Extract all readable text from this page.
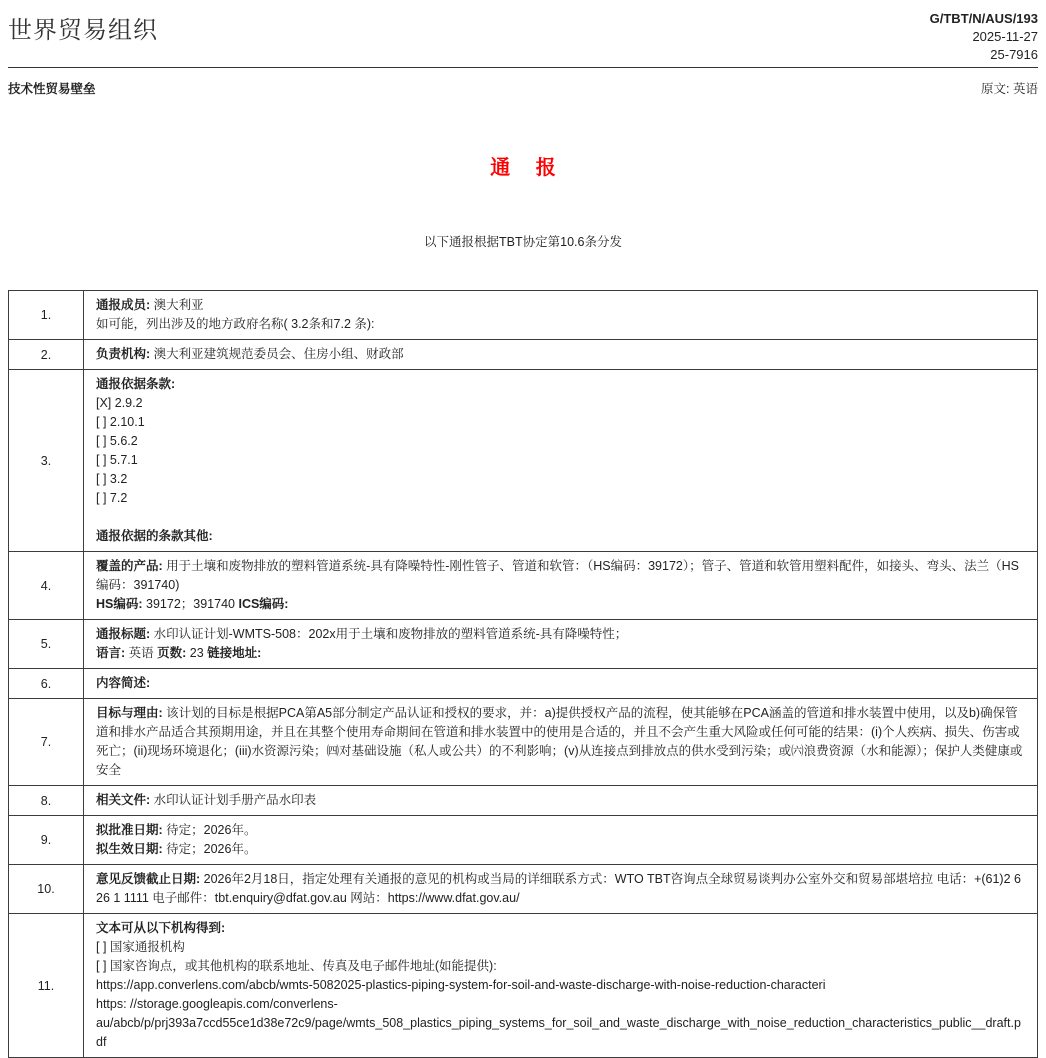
世界贸易组织	G/TBT/N/AUS/193
2025-11-27
25-7916
技术性贸易壁垒	原文: 英语
通 报
以下通报根据TBT协定第10.6条分发
1.	通报成员: 澳大利亚
如可能，列出涉及的地方政府名称( 3.2条和7.2 条):

2.	负责机构: 澳大利亚建筑规范委员会、住房小组、财政部

3.	
通报依据条款:
[X] 2.9.2
[ ] 2.10.1
[ ] 5.6.2
[ ] 5.7.1
[ ] 3.2
[ ] 7.2

通报依据的条款其他:

4.	覆盖的产品: 用于土壤和废物排放的塑料管道系统-具有降噪特性-刚性管子、管道和软管：（HS编码：39172）；管子、管道和软管用塑料配件，如接头、弯头、法兰（HS编码：391740)
HS编码: 39172；391740 ICS编码:

5.	通报标题: 水印认证计划-WMTS-508：202x用于土壤和废物排放的塑料管道系统-具有降噪特性；
语言: 英语 页数: 23 链接地址:

6.	内容简述:

7.	目标与理由: 该计划的目标是根据PCA第A5部分制定产品认证和授权的要求，并：a)提供授权产品的流程，使其能够在PCA涵盖的管道和排水装置中使用，以及b)确保管道和排水产品适合其预期用途，并且在其整个使用寿命期间在管道和排水装置中的使用是合适的，并且不会产生重大风险或任何可能的结果：(i)个人疾病、损失、伤害或死亡；(ii)现场环境退化；(iii)水资源污染；㈣对基础设施（私人或公共）的不利影响；(v)从连接点到排放点的供水受到污染；或㈥浪费资源（水和能源）；保护人类健康或安全

8.	相关文件: 水印认证计划手册产品水印表

9.	拟批准日期: 待定；2026年。
拟生效日期: 待定；2026年。

10.	意见反馈截止日期: 2026年2月18日，指定处理有关通报的意见的机构或当局的详细联系方式：WTO TBT咨询点全球贸易谈判办公室外交和贸易部堪培拉 电话：+(61)2 626 1 1111 电子邮件：tbt.enquiry@dfat.gov.au 网站：https://www.dfat.gov.au/

11.	
文本可从以下机构得到:
[ ] 国家通报机构
[ ] 国家咨询点，或其他机构的联系地址、传真及电子邮件地址(如能提供):
https://app.converlens.com/abcb/wmts-5082025-plastics-piping-system-for-soil-and-waste-discharge-with-noise-reduction-characteri
https: //storage.googleapis.com/converlens-
au/abcb/p/prj393a7ccd55ce1d38e72c9/page/wmts_508_plastics_piping_systems_for_soil_and_waste_discharge_with_noise_reduction_characteristics_public__draft.pdf
